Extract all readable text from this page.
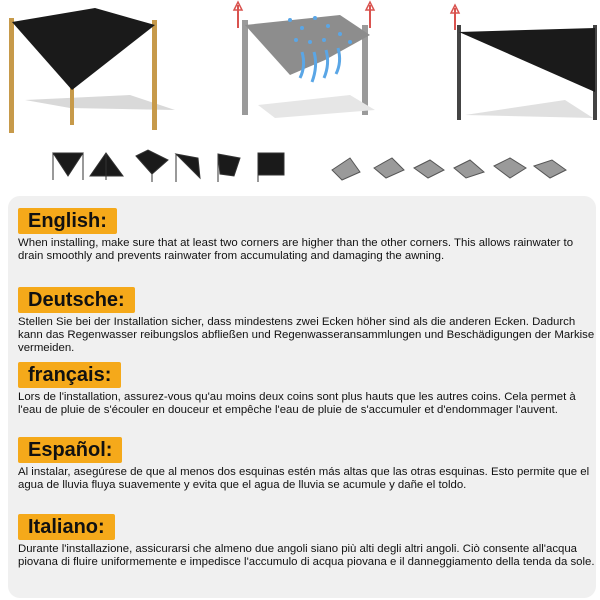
English:
When installing, make sure that at least two corners are higher than the other corners. This allows rainwater to drain smoothly and prevents rainwater from accumulating and damaging the awning.
Deutsche:
Stellen Sie bei der Installation sicher, dass mindestens zwei Ecken höher sind als die anderen Ecken. Dadurch kann das Regenwasser reibungslos abfließen und Regenwasseransammlungen und Beschädigungen der Markise vermeiden.
français:
Lors de l'installation, assurez-vous qu'au moins deux coins sont plus hauts que les autres coins. Cela permet à l'eau de pluie de s'écouler en douceur et empêche l'eau de pluie de s'accumuler et d'endommager l'auvent.
Español:
Al instalar, asegúrese de que al menos dos esquinas estén más altas que las otras esquinas. Esto permite que el agua de lluvia fluya suavemente y evita que el agua de lluvia se acumule y dañe el toldo.
Italiano:
Durante l'installazione, assicurarsi che almeno due angoli siano più alti degli altri angoli. Ciò consente all'acqua piovana di fluire uniformemente e impedisce l'accumulo di acqua piovana e il danneggiamento della tenda da sole.
